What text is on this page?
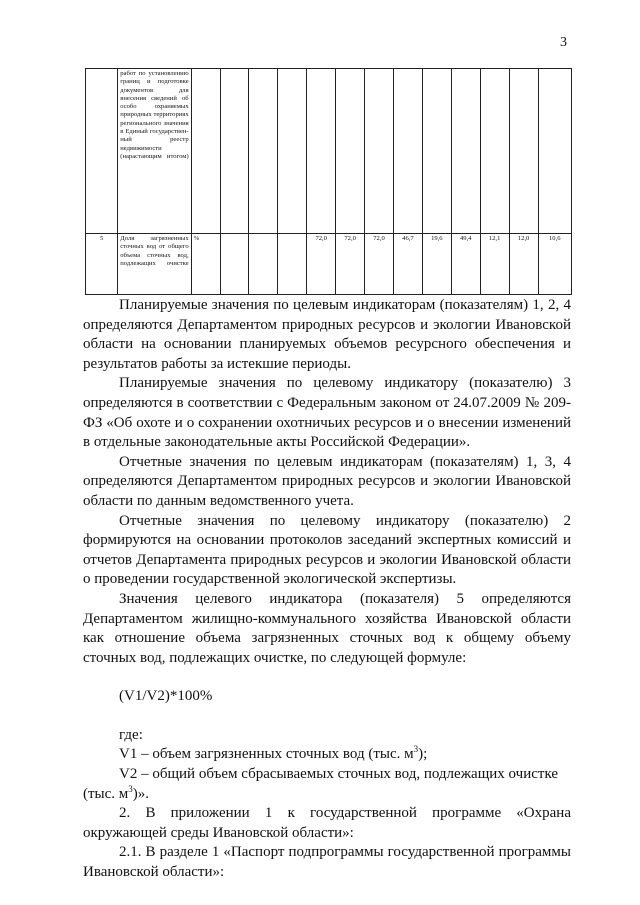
3
	работ по установлению границ и подготовке документов для внесения сведений об особо охраняемых природных территориях регионального значения в Единый государствен-ный реестр недвижимости (нарастающим итогом)													
5	Доля загрязненных сточных вод от общего объема сточных вод, подлежащих очистке	%				72,0	72,0	72,0	46,7	19,6	49,4	12,1	12,0	10,6

Планируемые значения по целевым индикаторам (показателям) 1, 2, 4 определяются Департаментом природных ресурсов и экологии Ивановской области на основании планируемых объемов ресурсного обеспечения и результатов работы за истекшие периоды.

Планируемые значения по целевому индикатору (показателю) 3 определяются в соответствии с Федеральным законом от 24.07.2009 № 209-ФЗ «Об охоте и о сохранении охотничьих ресурсов и о внесении изменений в отдельные законодательные акты Российской Федерации».

Отчетные значения по целевым индикаторам (показателям) 1, 3, 4 определяются Департаментом природных ресурсов и экологии Ивановской области по данным ведомственного учета.

Отчетные значения по целевому индикатору (показателю) 2 формируются на основании протоколов заседаний экспертных комиссий и отчетов Департамента природных ресурсов и экологии Ивановской области о проведении государственной экологической экспертизы.

Значения целевого индикатора (показателя) 5 определяются Департаментом жилищно-коммунального хозяйства Ивановской области как отношение объема загрязненных сточных вод к общему объему сточных вод, подлежащих очистке, по следующей формуле:

(V1/V2)*100%

где:

V1 – объем загрязненных сточных вод (тыс. $м^3$);

V2 – общий объем сбрасываемых сточных вод, подлежащих очистке

(тыс. $м^3$)».

2. В приложении 1 к государственной программе «Охрана окружающей среды Ивановской области»:

2.1. В разделе 1 «Паспорт подпрограммы государственной программы Ивановской области»:
